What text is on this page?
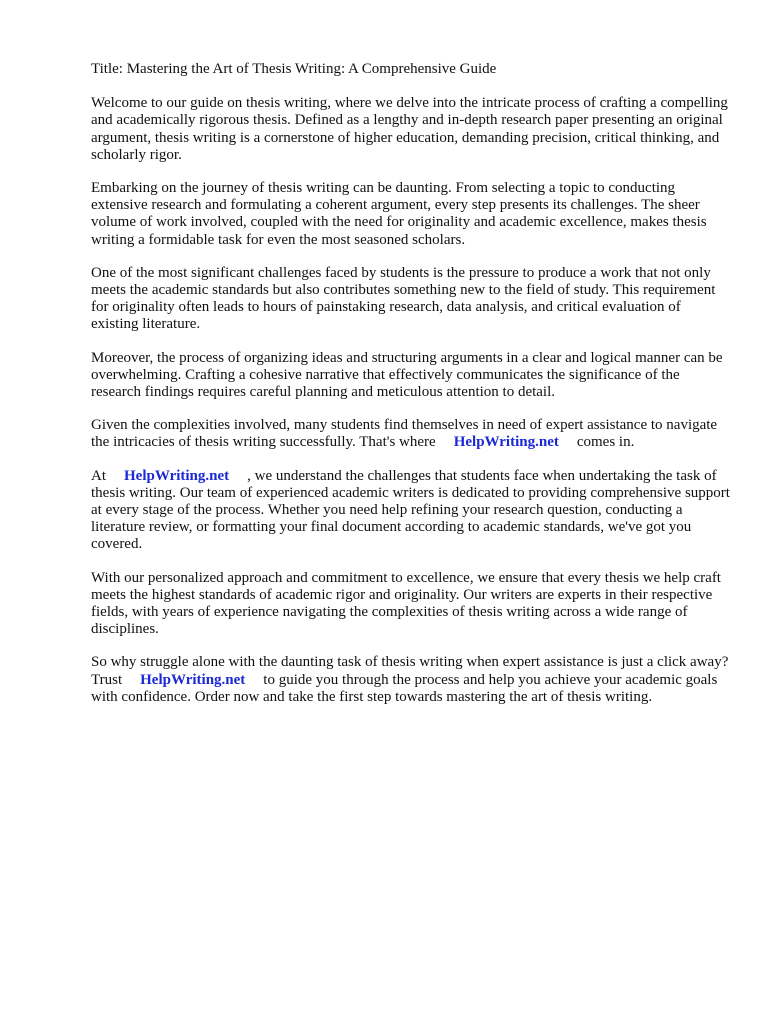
Title: Mastering the Art of Thesis Writing: A Comprehensive Guide

Welcome to our guide on thesis writing, where we delve into the intricate process of crafting a compelling and academically rigorous thesis. Defined as a lengthy and in-depth research paper presenting an original argument, thesis writing is a cornerstone of higher education, demanding precision, critical thinking, and scholarly rigor.

Embarking on the journey of thesis writing can be daunting. From selecting a topic to conducting extensive research and formulating a coherent argument, every step presents its challenges. The sheer volume of work involved, coupled with the need for originality and academic excellence, makes thesis writing a formidable task for even the most seasoned scholars.

One of the most significant challenges faced by students is the pressure to produce a work that not only meets the academic standards but also contributes something new to the field of study. This requirement for originality often leads to hours of painstaking research, data analysis, and critical evaluation of existing literature.

Moreover, the process of organizing ideas and structuring arguments in a clear and logical manner can be overwhelming. Crafting a cohesive narrative that effectively communicates the significance of the research findings requires careful planning and meticulous attention to detail.

Given the complexities involved, many students find themselves in need of expert assistance to navigate the intricacies of thesis writing successfully. That's where HelpWriting.net comes in.

At HelpWriting.net , we understand the challenges that students face when undertaking the task of thesis writing. Our team of experienced academic writers is dedicated to providing comprehensive support at every stage of the process. Whether you need help refining your research question, conducting a literature review, or formatting your final document according to academic standards, we've got you covered.

With our personalized approach and commitment to excellence, we ensure that every thesis we help craft meets the highest standards of academic rigor and originality. Our writers are experts in their respective fields, with years of experience navigating the complexities of thesis writing across a wide range of disciplines.

So why struggle alone with the daunting task of thesis writing when expert assistance is just a click away? Trust HelpWriting.net to guide you through the process and help you achieve your academic goals with confidence. Order now and take the first step towards mastering the art of thesis writing.
